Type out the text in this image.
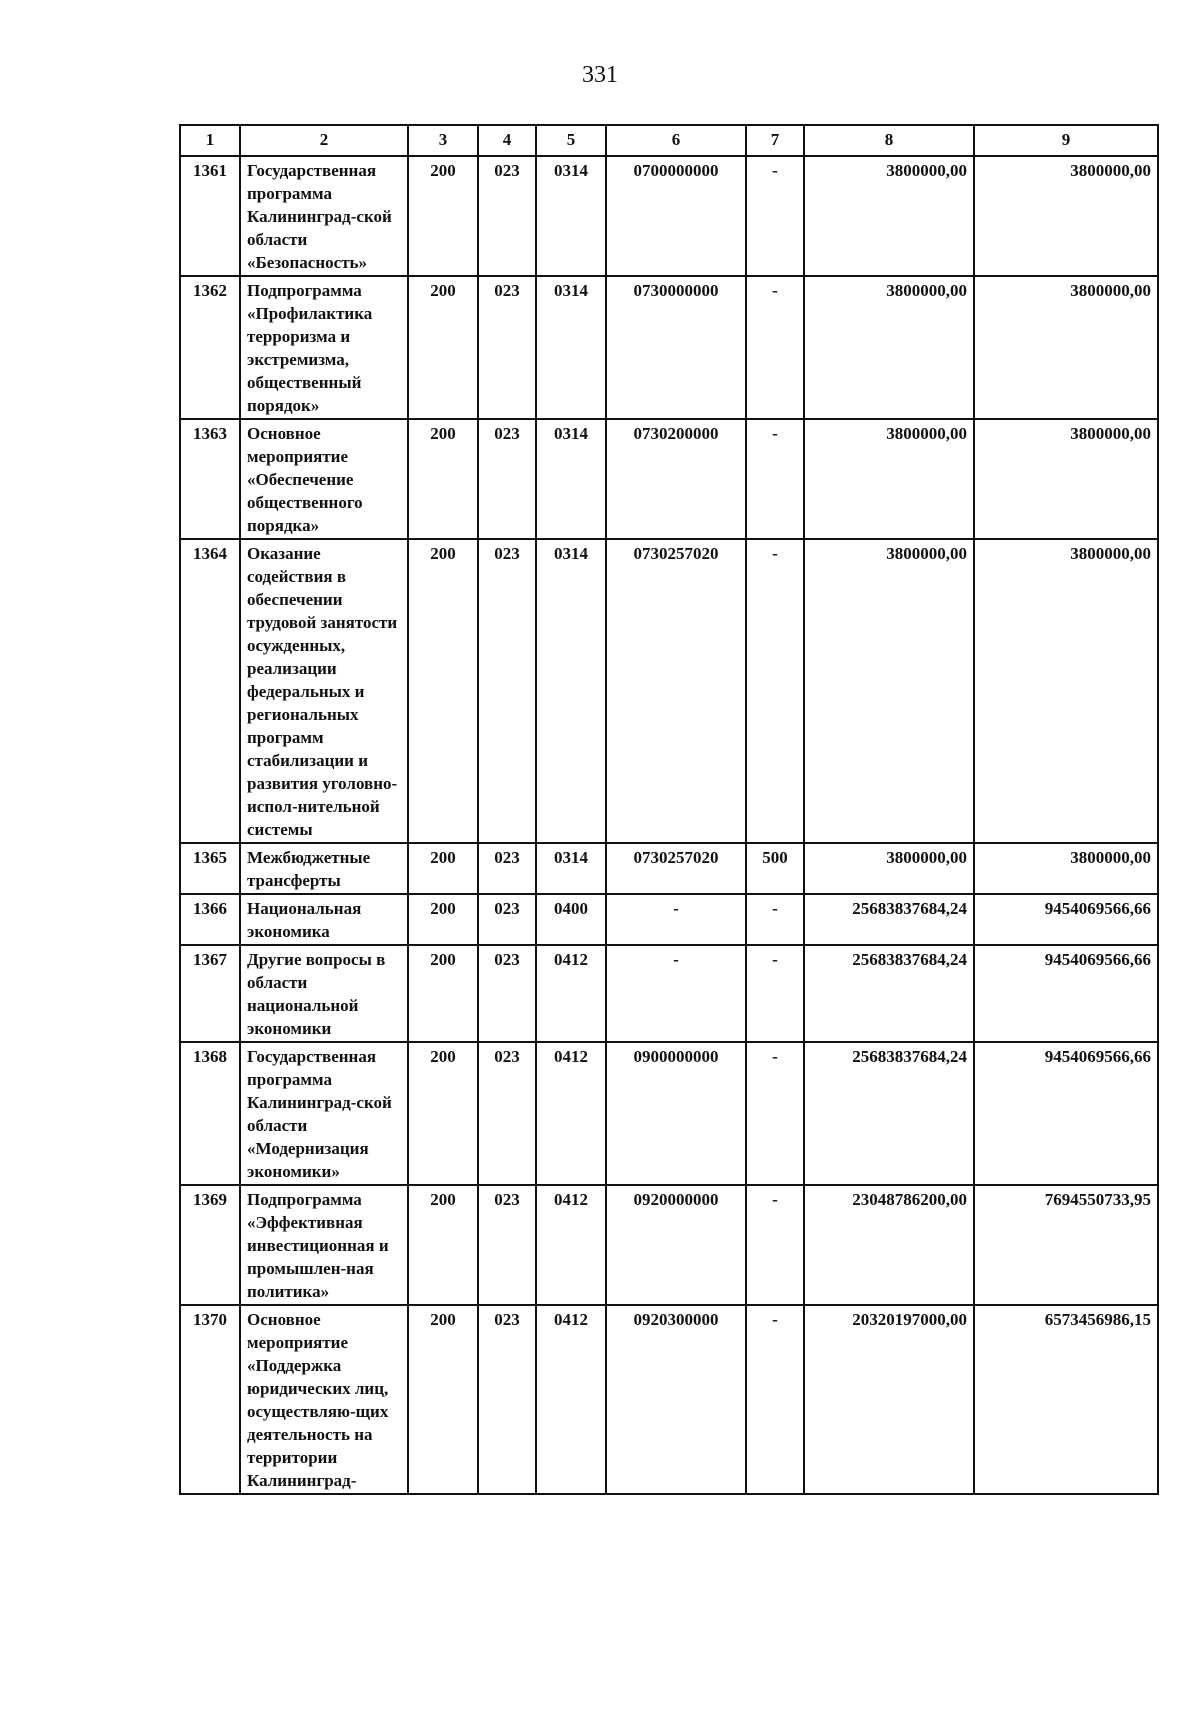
331
1	2	3	4	5	6	7	8	9
1361	Государственная программа Калининград-ской области «Безопасность»	200	023	0314	0700000000	-	3800000,00	3800000,00
1362	Подпрограмма «Профилактика терроризма и экстремизма, общественный порядок»	200	023	0314	0730000000	-	3800000,00	3800000,00
1363	Основное мероприятие «Обеспечение общественного порядка»	200	023	0314	0730200000	-	3800000,00	3800000,00
1364	Оказание содействия в обеспечении трудовой занятости осужденных, реализации федеральных и региональных программ стабилизации и развития уголовно-испол-нительной системы	200	023	0314	0730257020	-	3800000,00	3800000,00
1365	Межбюджетные трансферты	200	023	0314	0730257020	500	3800000,00	3800000,00
1366	Национальная экономика	200	023	0400	-	-	25683837684,24	9454069566,66
1367	Другие вопросы в области национальной экономики	200	023	0412	-	-	25683837684,24	9454069566,66
1368	Государственная программа Калининград-ской области «Модернизация экономики»	200	023	0412	0900000000	-	25683837684,24	9454069566,66
1369	Подпрограмма «Эффективная инвестиционная и промышлен-ная политика»	200	023	0412	0920000000	-	23048786200,00	7694550733,95
1370	Основное мероприятие «Поддержка юридических лиц, осуществляю-щих деятельность на территории Калининград-	200	023	0412	0920300000	-	20320197000,00	6573456986,15
